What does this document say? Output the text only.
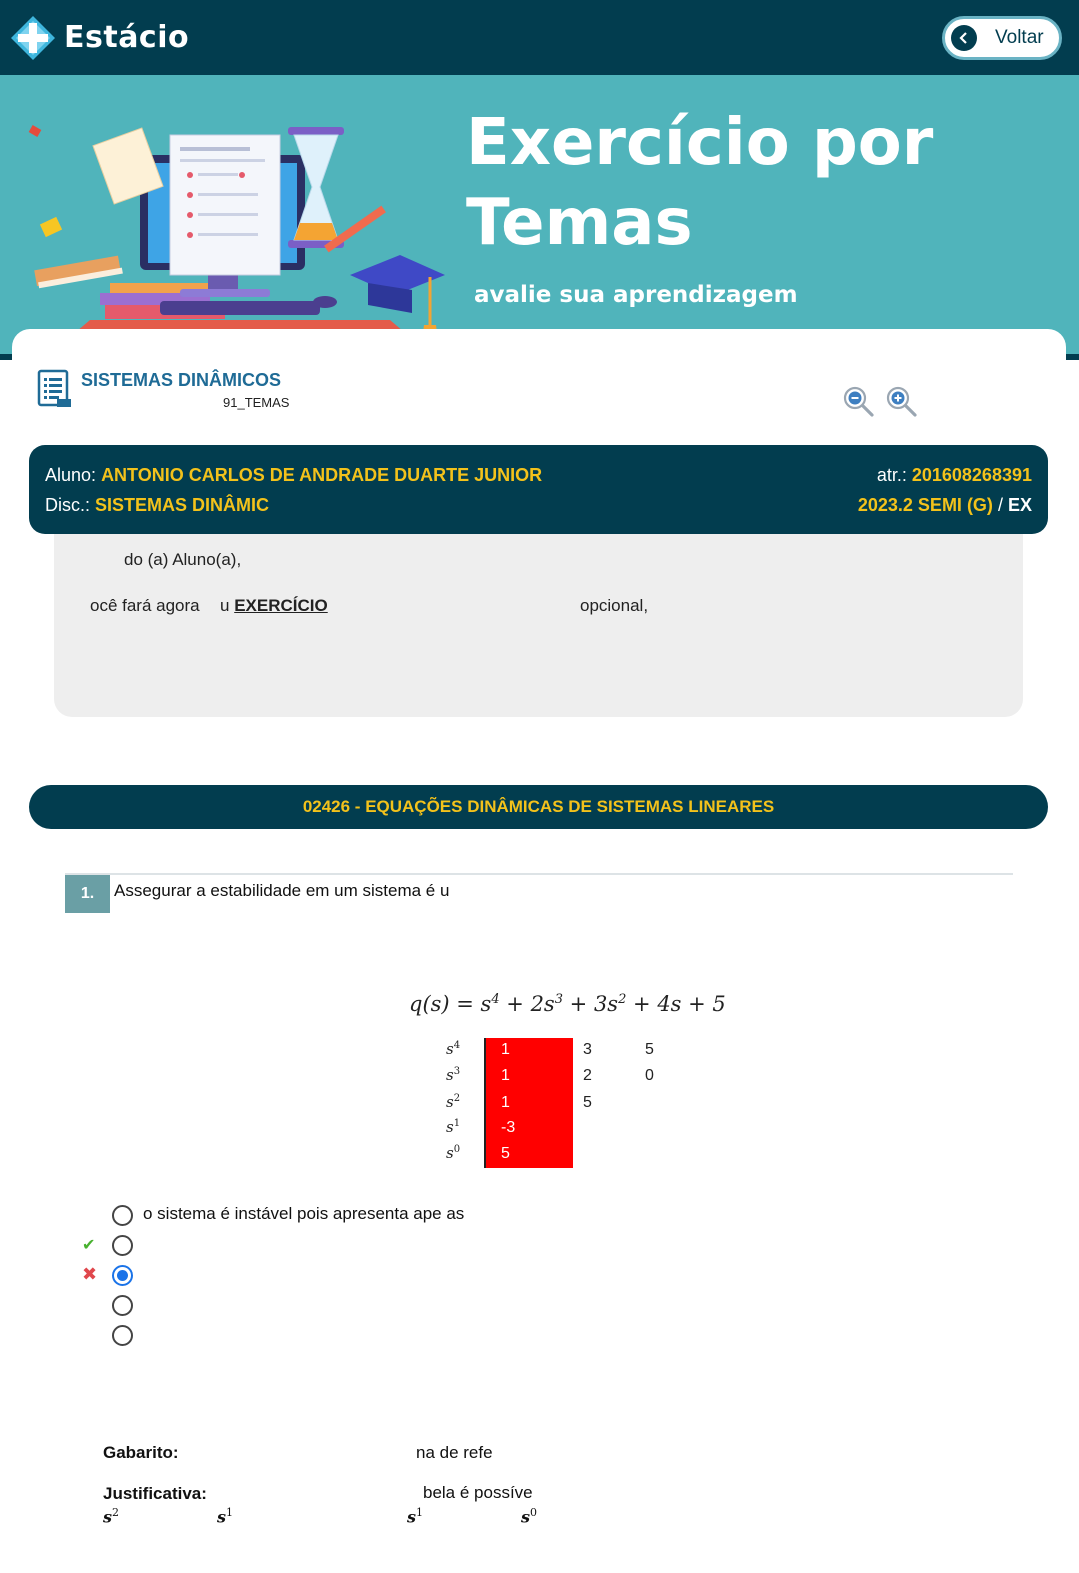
Estácio	Voltar
Exercício por
Temas
avalie sua aprendizagem
SISTEMAS DINÂMICOS
91_TEMAS
Aluno: ANTONIO CARLOS DE ANDRADE DUARTE JUNIOR	atr.: 201608268391
Disc.: SISTEMAS DINÂMIC	2023.2 SEMI (G) / EX
do (a) Aluno(a),
ocê fará agora u EXERCÍCIO	opcional,
02426 - EQUAÇÕES DINÂMICAS DE SISTEMAS LINEARES
1.	Assegurar a estabilidade em um sistema é u
$q(s) = s^4 + 2s^3 + 3s^2 + 4s + 5$
$s^4$	1	3	5
$s^3$	1	2	0
$s^2$	1	5
$s^1$	-3
$s^0$	5
o sistema é instável pois apresenta ape as
✔
✖
Gabarito:	na de refe
Justificativa:	bela é possíve
$s^2$	$s^1$	$s^1$	$s^0$
